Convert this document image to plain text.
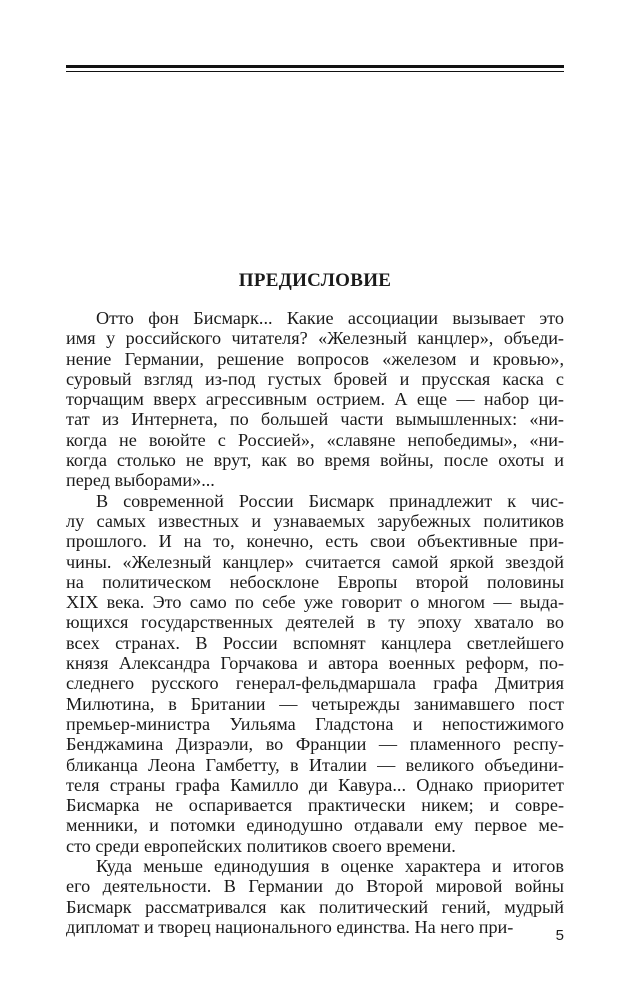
ПРЕДИСЛОВИЕ
Отто фон Бисмарк... Какие ассоциации вызывает это
имя у российского читателя? «Железный канцлер», объеди-
нение Германии, решение вопросов «железом и кровью»,
суровый взгляд из-под густых бровей и прусская каска с
торчащим вверх агрессивным острием. А еще — набор ци-
тат из Интернета, по большей части вымышленных: «ни-
когда не воюйте с Россией», «славяне непобедимы», «ни-
когда столько не врут, как во время войны, после охоты и
перед выборами»...
В современной России Бисмарк принадлежит к чис-
лу самых известных и узнаваемых зарубежных политиков
прошлого. И на то, конечно, есть свои объективные при-
чины. «Железный канцлер» считается самой яркой звездой
на политическом небосклоне Европы второй половины
XIX века. Это само по себе уже говорит о многом — выда-
ющихся государственных деятелей в ту эпоху хватало во
всех странах. В России вспомнят канцлера светлейшего
князя Александра Горчакова и автора военных реформ, по-
следнего русского генерал-фельдмаршала графа Дмитрия
Милютина, в Британии — четырежды занимавшего пост
премьер-министра Уильяма Гладстона и непостижимого
Бенджамина Дизраэли, во Франции — пламенного респу-
бликанца Леона Гамбетту, в Италии — великого объедини-
теля страны графа Камилло ди Кавура... Однако приоритет
Бисмарка не оспаривается практически никем; и совре-
менники, и потомки единодушно отдавали ему первое ме-
сто среди европейских политиков своего времени.
Куда меньше единодушия в оценке характера и итогов
его деятельности. В Германии до Второй мировой войны
Бисмарк рассматривался как политический гений, мудрый
дипломат и творец национального единства. На него при-	5
